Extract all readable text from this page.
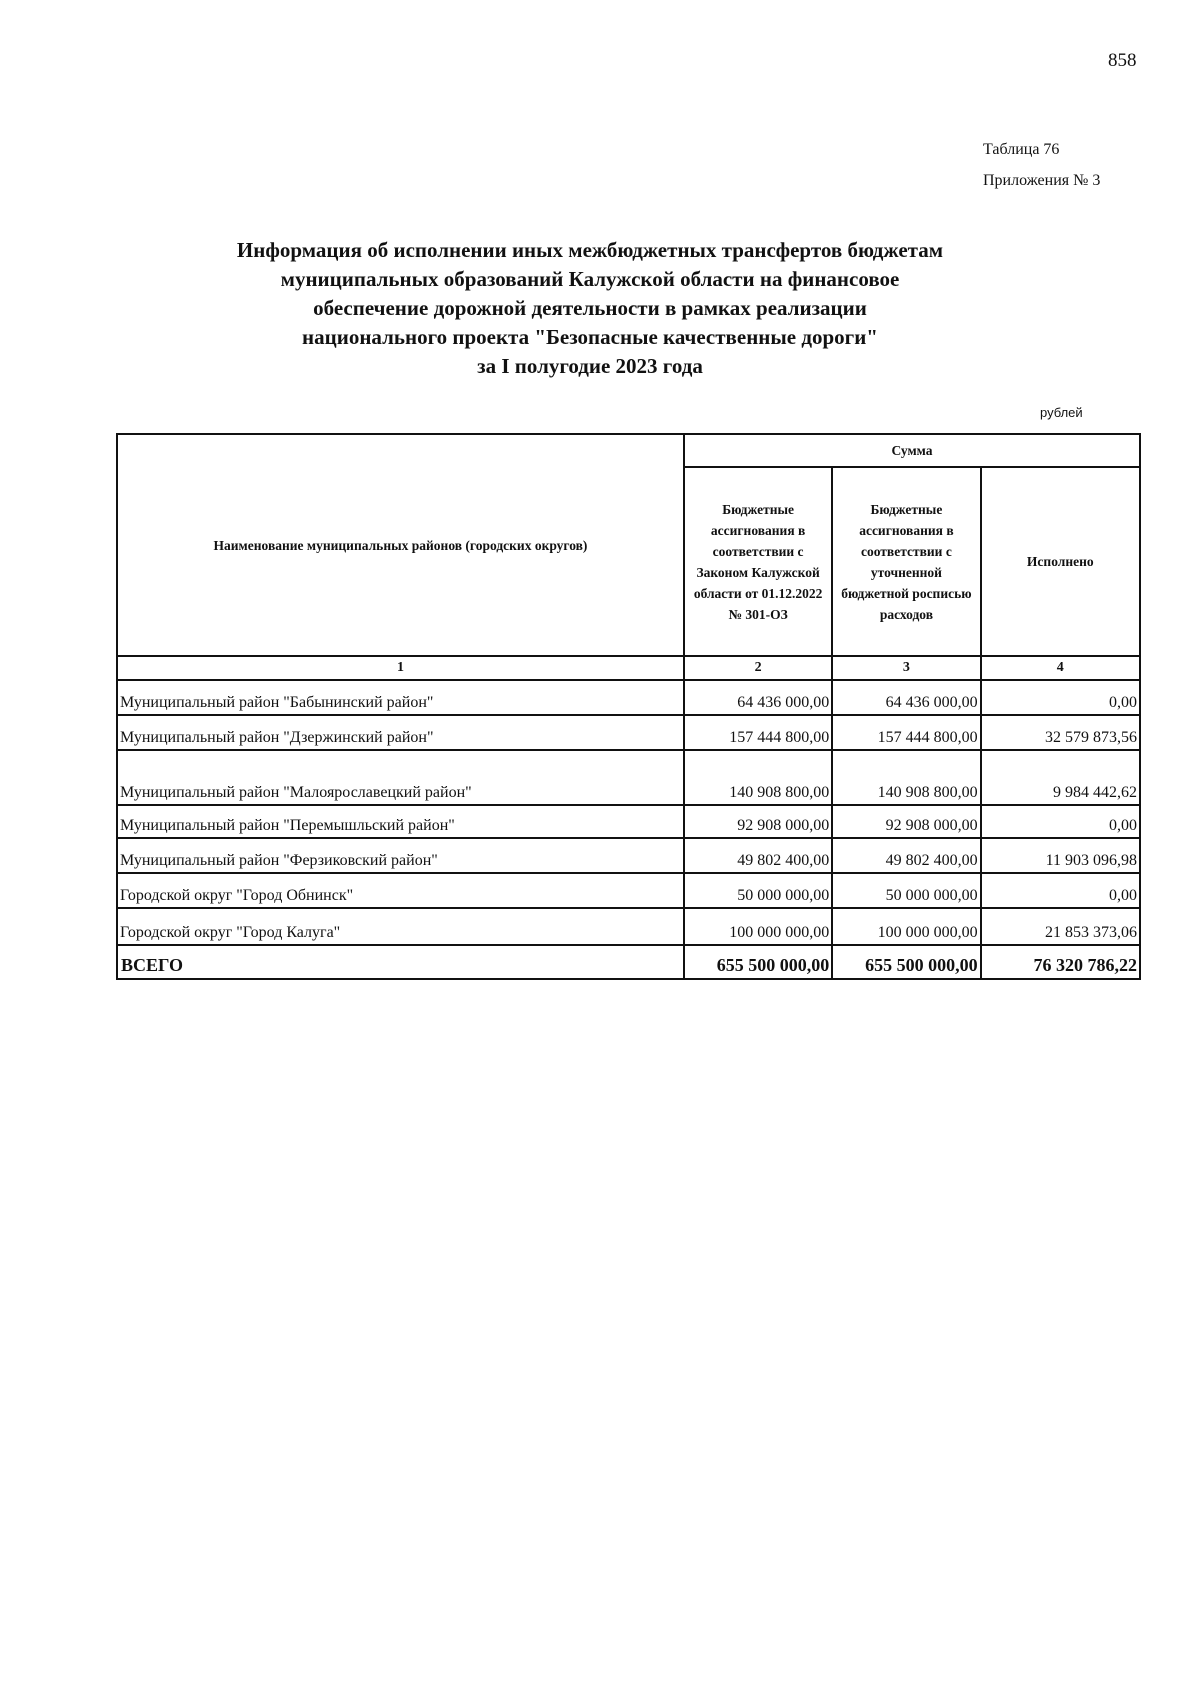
858
Таблица 76
Приложения № 3
Информация об исполнении иных межбюджетных трансфертов бюджетам
муниципальных образований Калужской области на финансовое
обеспечение дорожной деятельности в рамках реализации
национального проекта "Безопасные качественные дороги"
за I полугодие 2023 года
рублей
Наименование муниципальных районов (городских округов)	Сумма		
	Бюджетные ассигнования в соответствии с Законом Калужской области от 01.12.2022 № 301-ОЗ	Бюджетные ассигнования в соответствии с уточненной бюджетной росписью расходов	Исполнено
1	2	3	4
Муниципальный район "Бабынинский район"	64 436 000,00	64 436 000,00	0,00
Муниципальный район "Дзержинский район"	157 444 800,00	157 444 800,00	32 579 873,56
Муниципальный район "Малоярославецкий район"	140 908 800,00	140 908 800,00	9 984 442,62
Муниципальный район "Перемышльский район"	92 908 000,00	92 908 000,00	0,00
Муниципальный район "Ферзиковский район"	49 802 400,00	49 802 400,00	11 903 096,98
Городской округ "Город Обнинск"	50 000 000,00	50 000 000,00	0,00
Городской округ "Город Калуга"	100 000 000,00	100 000 000,00	21 853 373,06
ВСЕГО	655 500 000,00	655 500 000,00	76 320 786,22
